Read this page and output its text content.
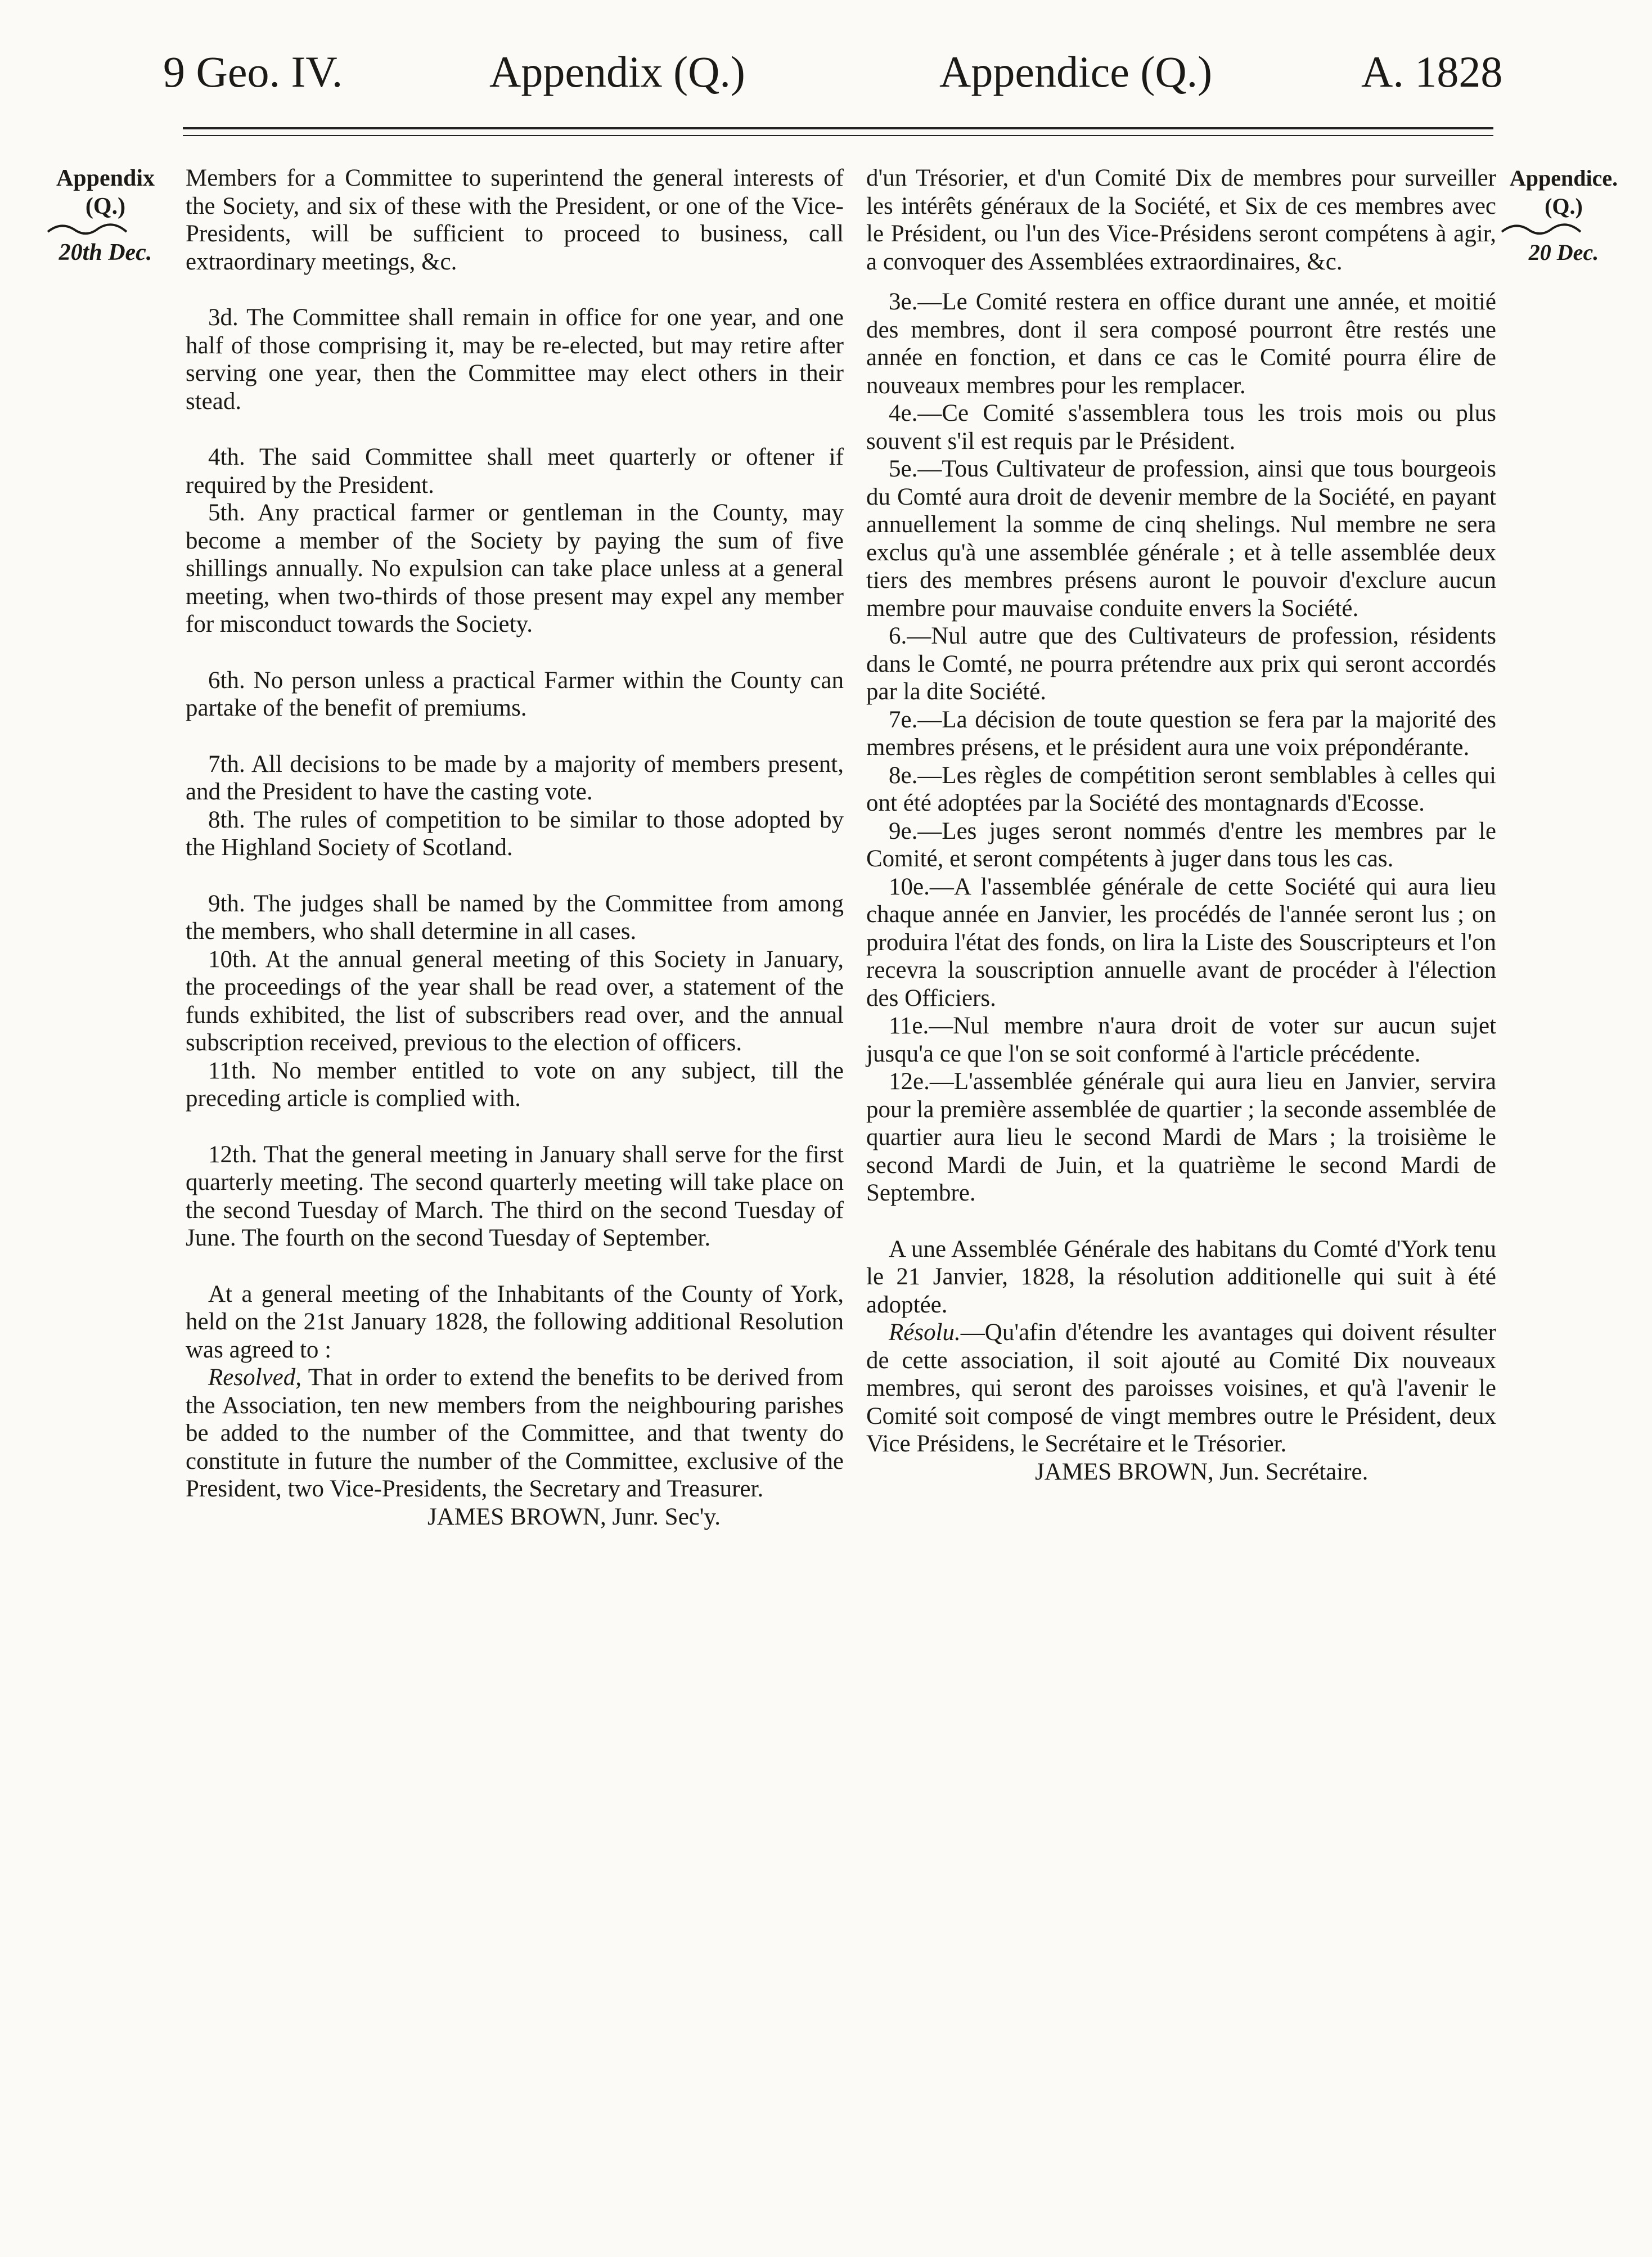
9 Geo. IV.	Appendix (Q.)	Appendice (Q.)	A. 1828
Appendix
(Q.)
20th Dec.
Appendice.
(Q.)
20 Dec.

Members for a Committee to superintend the general interests of the Society, and six of these with the President, or one of the Vice-Presidents, will be sufficient to proceed to business, call extraordinary meetings, &c.

3d. The Committee shall remain in office for one year, and one half of those comprising it, may be re-elected, but may retire after serving one year, then the Committee may elect others in their stead.

4th. The said Committee shall meet quarterly or oftener if required by the President.

5th. Any practical farmer or gentleman in the County, may become a member of the Society by paying the sum of five shillings annually. No expulsion can take place unless at a general meeting, when two-thirds of those present may expel any member for misconduct towards the Society.

6th. No person unless a practical Farmer within the County can partake of the benefit of premiums.

7th. All decisions to be made by a majority of members present, and the President to have the casting vote.

8th. The rules of competition to be similar to those adopted by the Highland Society of Scotland.

9th. The judges shall be named by the Committee from among the members, who shall determine in all cases.

10th. At the annual general meeting of this Society in January, the proceedings of the year shall be read over, a statement of the funds exhibited, the list of subscribers read over, and the annual subscription received, previous to the election of officers.

11th. No member entitled to vote on any subject, till the preceding article is complied with.

12th. That the general meeting in January shall serve for the first quarterly meeting. The second quarterly meeting will take place on the second Tuesday of March. The third on the second Tuesday of June. The fourth on the second Tuesday of September.

At a general meeting of the Inhabitants of the County of York, held on the 21st January 1828, the following additional Resolution was agreed to :

Resolved, That in order to extend the benefits to be derived from the Association, ten new members from the neighbouring parishes be added to the number of the Committee, and that twenty do constitute in future the number of the Committee, exclusive of the President, two Vice-Presidents, the Secretary and Treasurer.

JAMES BROWN, Junr. Sec'y.

d'un Trésorier, et d'un Comité Dix de membres pour surveiller les intérêts généraux de la Société, et Six de ces membres avec le Président, ou l'un des Vice-Présidens seront compétens à agir, a convoquer des Assemblées extraordinaires, &c.

3e.—Le Comité restera en office durant une année, et moitié des membres, dont il sera composé pourront être restés une année en fonction, et dans ce cas le Comité pourra élire de nouveaux membres pour les remplacer.

4e.—Ce Comité s'assemblera tous les trois mois ou plus souvent s'il est requis par le Président.

5e.—Tous Cultivateur de profession, ainsi que tous bourgeois du Comté aura droit de devenir membre de la Société, en payant annuellement la somme de cinq shelings. Nul membre ne sera exclus qu'à une assemblée générale ; et à telle assemblée deux tiers des membres présens auront le pouvoir d'exclure aucun membre pour mauvaise conduite envers la Société.

6.—Nul autre que des Cultivateurs de profession, résidents dans le Comté, ne pourra prétendre aux prix qui seront accordés par la dite Société.

7e.—La décision de toute question se fera par la majorité des membres présens, et le président aura une voix prépondérante.

8e.—Les règles de compétition seront semblables à celles qui ont été adoptées par la Société des montagnards d'Ecosse.

9e.—Les juges seront nommés d'entre les membres par le Comité, et seront compétents à juger dans tous les cas.

10e.—A l'assemblée générale de cette Société qui aura lieu chaque année en Janvier, les procédés de l'année seront lus ; on produira l'état des fonds, on lira la Liste des Souscripteurs et l'on recevra la souscription annuelle avant de procéder à l'élection des Officiers.

11e.—Nul membre n'aura droit de voter sur aucun sujet jusqu'a ce que l'on se soit conformé à l'article précédente.

12e.—L'assemblée générale qui aura lieu en Janvier, servira pour la première assemblée de quartier ; la seconde assemblée de quartier aura lieu le second Mardi de Mars ; la troisième le second Mardi de Juin, et la quatrième le second Mardi de Septembre.

A une Assemblée Générale des habitans du Comté d'York tenu le 21 Janvier, 1828, la résolution additionelle qui suit à été adoptée.

Résolu.—Qu'afin d'étendre les avantages qui doivent résulter de cette association, il soit ajouté au Comité Dix nouveaux membres, qui seront des paroisses voisines, et qu'à l'avenir le Comité soit composé de vingt membres outre le Président, deux Vice Présidens, le Secrétaire et le Trésorier.

JAMES BROWN, Jun. Secrétaire.
